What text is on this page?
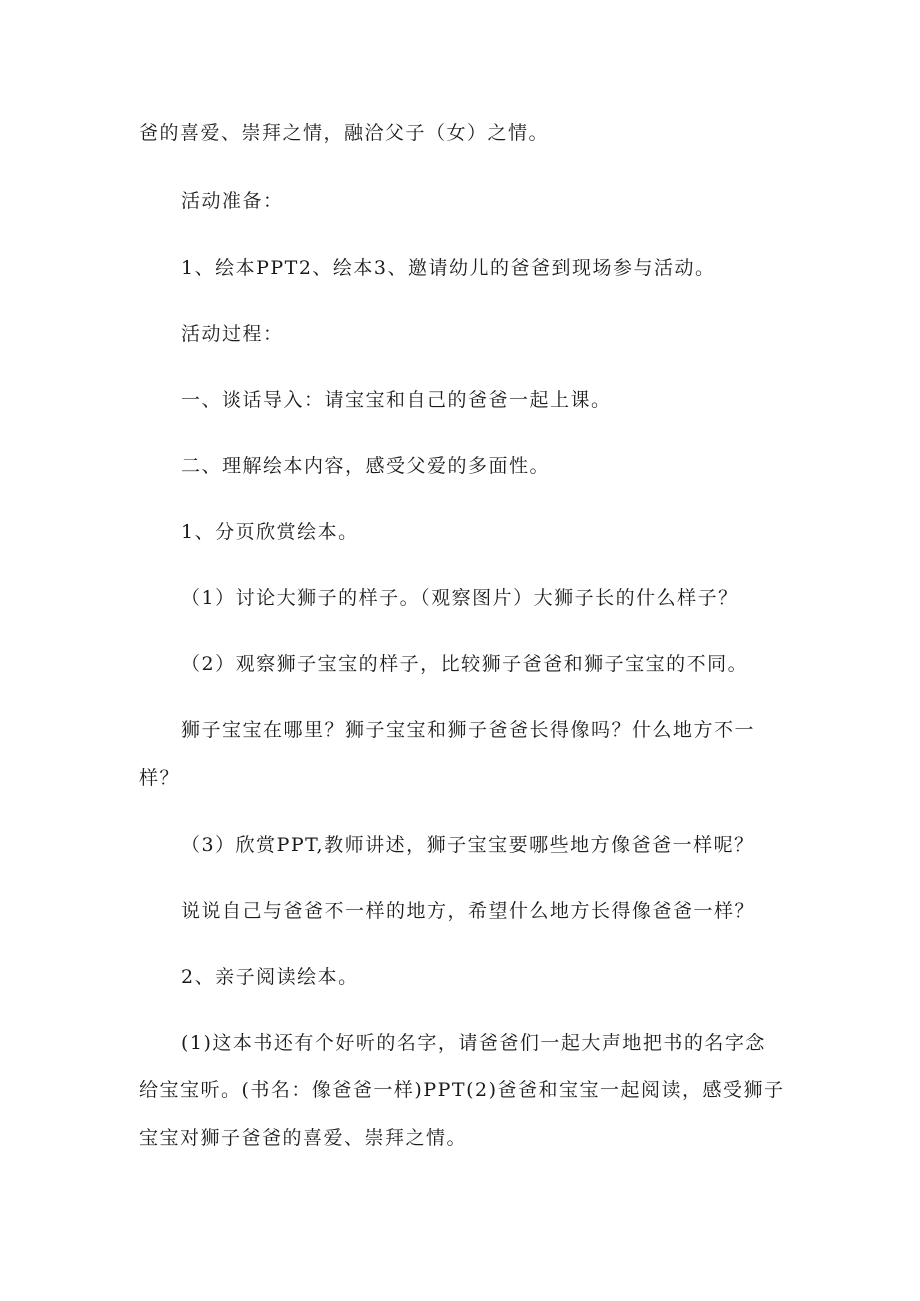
爸的喜爱、崇拜之情，融洽父子（女）之情。
活动准备：
1、绘本PPT2、绘本3、邀请幼儿的爸爸到现场参与活动。
活动过程：
一、谈话导入：请宝宝和自己的爸爸一起上课。
二、理解绘本内容，感受父爱的多面性。
1、分页欣赏绘本。
（1）讨论大狮子的样子。（观察图片）大狮子长的什么样子？
（2）观察狮子宝宝的样子，比较狮子爸爸和狮子宝宝的不同。
狮子宝宝在哪里？狮子宝宝和狮子爸爸长得像吗？什么地方不一
样？
（3）欣赏PPT,教师讲述，狮子宝宝要哪些地方像爸爸一样呢？
说说自己与爸爸不一样的地方，希望什么地方长得像爸爸一样？
2、亲子阅读绘本。
(1)这本书还有个好听的名字，请爸爸们一起大声地把书的名字念
给宝宝听。(书名：像爸爸一样)PPT(2)爸爸和宝宝一起阅读，感受狮子
宝宝对狮子爸爸的喜爱、崇拜之情。
